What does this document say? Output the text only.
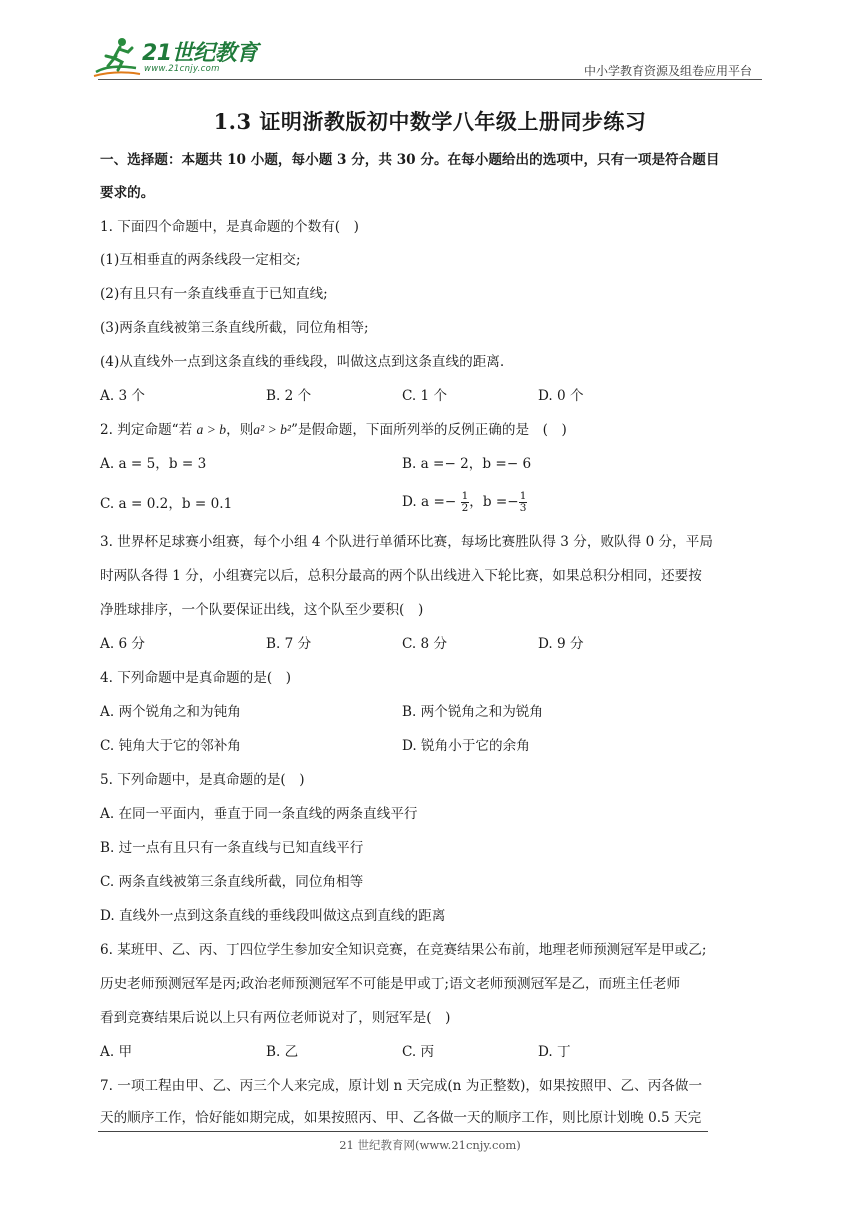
21世纪教育
www.21cnjy.com	中小学教育资源及组卷应用平台
1.3 证明浙教版初中数学八年级上册同步练习
一、选择题：本题共 10 小题，每小题 3 分，共 30 分。在每小题给出的选项中，只有一项是符合题目
要求的。
1. 下面四个命题中，是真命题的个数有(　)
(1)互相垂直的两条线段一定相交;
(2)有且只有一条直线垂直于已知直线;
(3)两条直线被第三条直线所截，同位角相等;
(4)从直线外一点到这条直线的垂线段，叫做这点到这条直线的距离.
A. 3 个	B. 2 个	C. 1 个	D. 0 个
2. 判定命题“若 a > b，则a² > b²”是假命题，下面所列举的反例正确的是　(　)
A. a = 5，b = 3	B. a =− 2，b =− 6
C. a = 0.2，b = 0.1	D. $a =- \frac{1}{2}$ ，$b =- \frac{1}{3}$
3. 世界杯足球赛小组赛，每个小组 4 个队进行单循环比赛，每场比赛胜队得 3 分，败队得 0 分，平局
时两队各得 1 分，小组赛完以后，总积分最高的两个队出线进入下轮比赛，如果总积分相同，还要按
净胜球排序，一个队要保证出线，这个队至少要积(　)
A. 6 分	B. 7 分	C. 8 分	D. 9 分
4. 下列命题中是真命题的是(　)
A. 两个锐角之和为钝角	B. 两个锐角之和为锐角
C. 钝角大于它的邻补角	D. 锐角小于它的余角
5. 下列命题中，是真命题的是(　)
A. 在同一平面内，垂直于同一条直线的两条直线平行
B. 过一点有且只有一条直线与已知直线平行
C. 两条直线被第三条直线所截，同位角相等
D. 直线外一点到这条直线的垂线段叫做这点到直线的距离
6. 某班甲、乙、丙、丁四位学生参加安全知识竞赛，在竞赛结果公布前，地理老师预测冠军是甲或乙;
历史老师预测冠军是丙;政治老师预测冠军不可能是甲或丁;语文老师预测冠军是乙，而班主任老师
看到竞赛结果后说以上只有两位老师说对了，则冠军是(　)
A. 甲	B. 乙	C. 丙	D. 丁
7. 一项工程由甲、乙、丙三个人来完成，原计划 n 天完成(n 为正整数)，如果按照甲、乙、丙各做一
天的顺序工作，恰好能如期完成，如果按照丙、甲、乙各做一天的顺序工作，则比原计划晚 0.5 天完
21 世纪教育网(www.21cnjy.com)
